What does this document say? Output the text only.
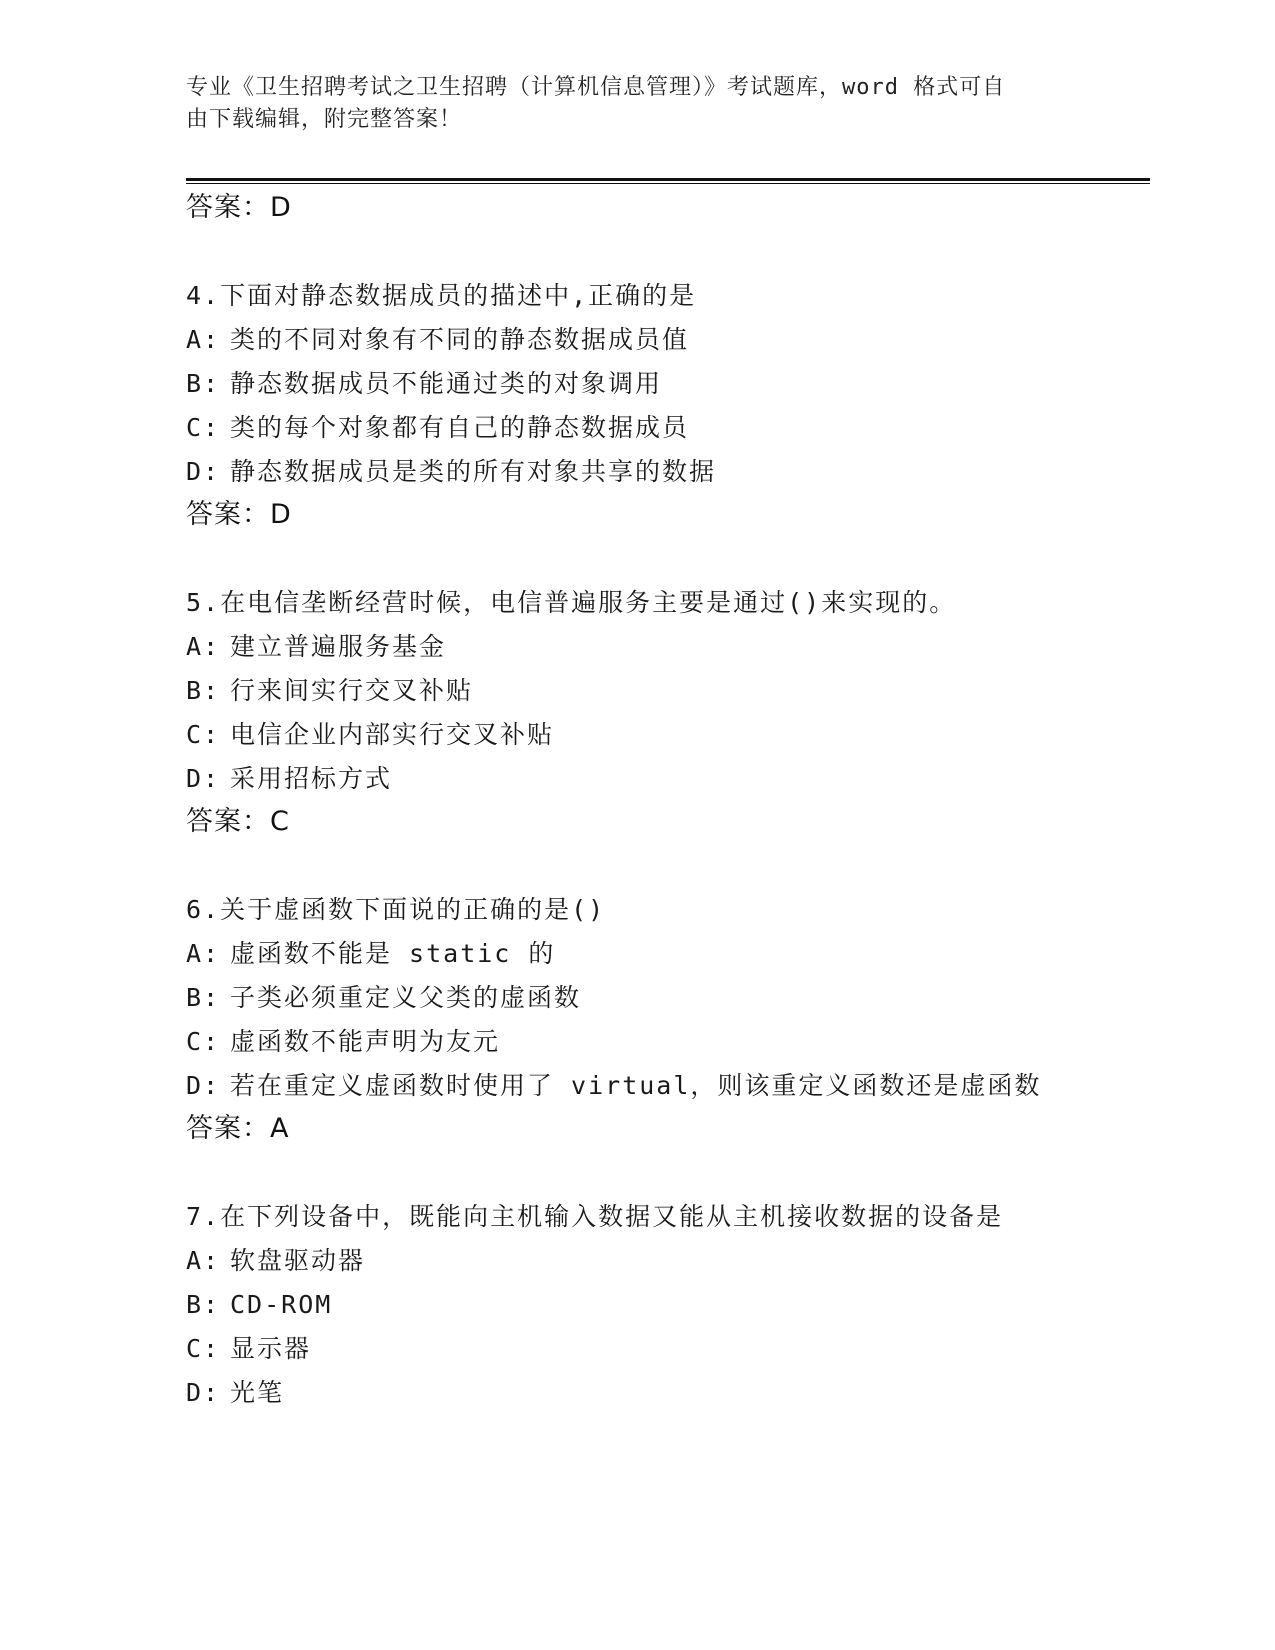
专业《卫生招聘考试之卫生招聘（计算机信息管理）》考试题库，word 格式可自
由下载编辑，附完整答案！
答案：D
4.下面对静态数据成员的描述中,正确的是
A: 类的不同对象有不同的静态数据成员值
B: 静态数据成员不能通过类的对象调用
C: 类的每个对象都有自己的静态数据成员
D: 静态数据成员是类的所有对象共享的数据
答案：D
5.在电信垄断经营时候，电信普遍服务主要是通过()来实现的。
A: 建立普遍服务基金
B: 行来间实行交叉补贴
C: 电信企业内部实行交叉补贴
D: 采用招标方式
答案：C
6.关于虚函数下面说的正确的是()
A: 虚函数不能是 static 的
B: 子类必须重定义父类的虚函数
C: 虚函数不能声明为友元
D: 若在重定义虚函数时使用了 virtual，则该重定义函数还是虚函数
答案：A
7.在下列设备中，既能向主机输入数据又能从主机接收数据的设备是
A: 软盘驱动器
B: CD-ROM
C: 显示器
D: 光笔
